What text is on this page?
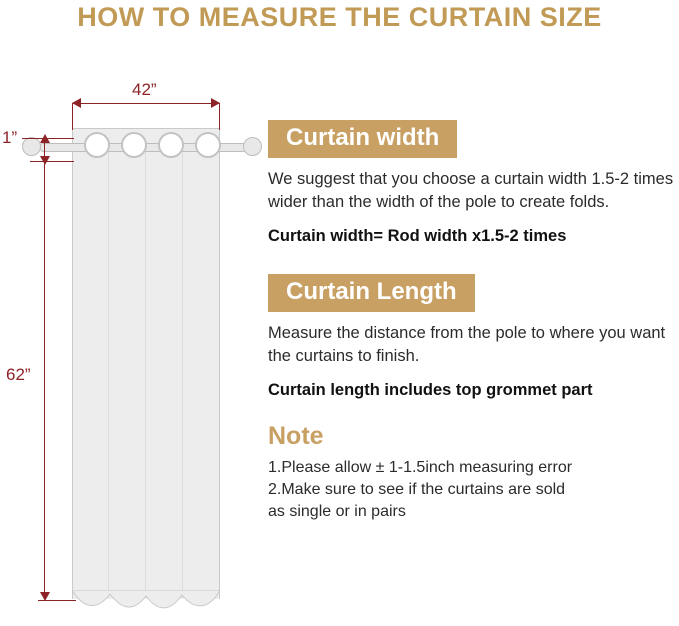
HOW TO MEASURE THE CURTAIN SIZE
42”
1”
62”
Curtain width
We suggest that you choose a curtain width 1.5-2 times wider than the width of the pole to create folds.
Curtain width= Rod width x1.5-2 times
Curtain Length
Measure the distance from the pole to where you want the curtains to finish.
Curtain length includes top grommet part
Note
1.Please allow ± 1-1.5inch measuring error
2.Make sure to see if the curtains are sold
as single or in pairs
